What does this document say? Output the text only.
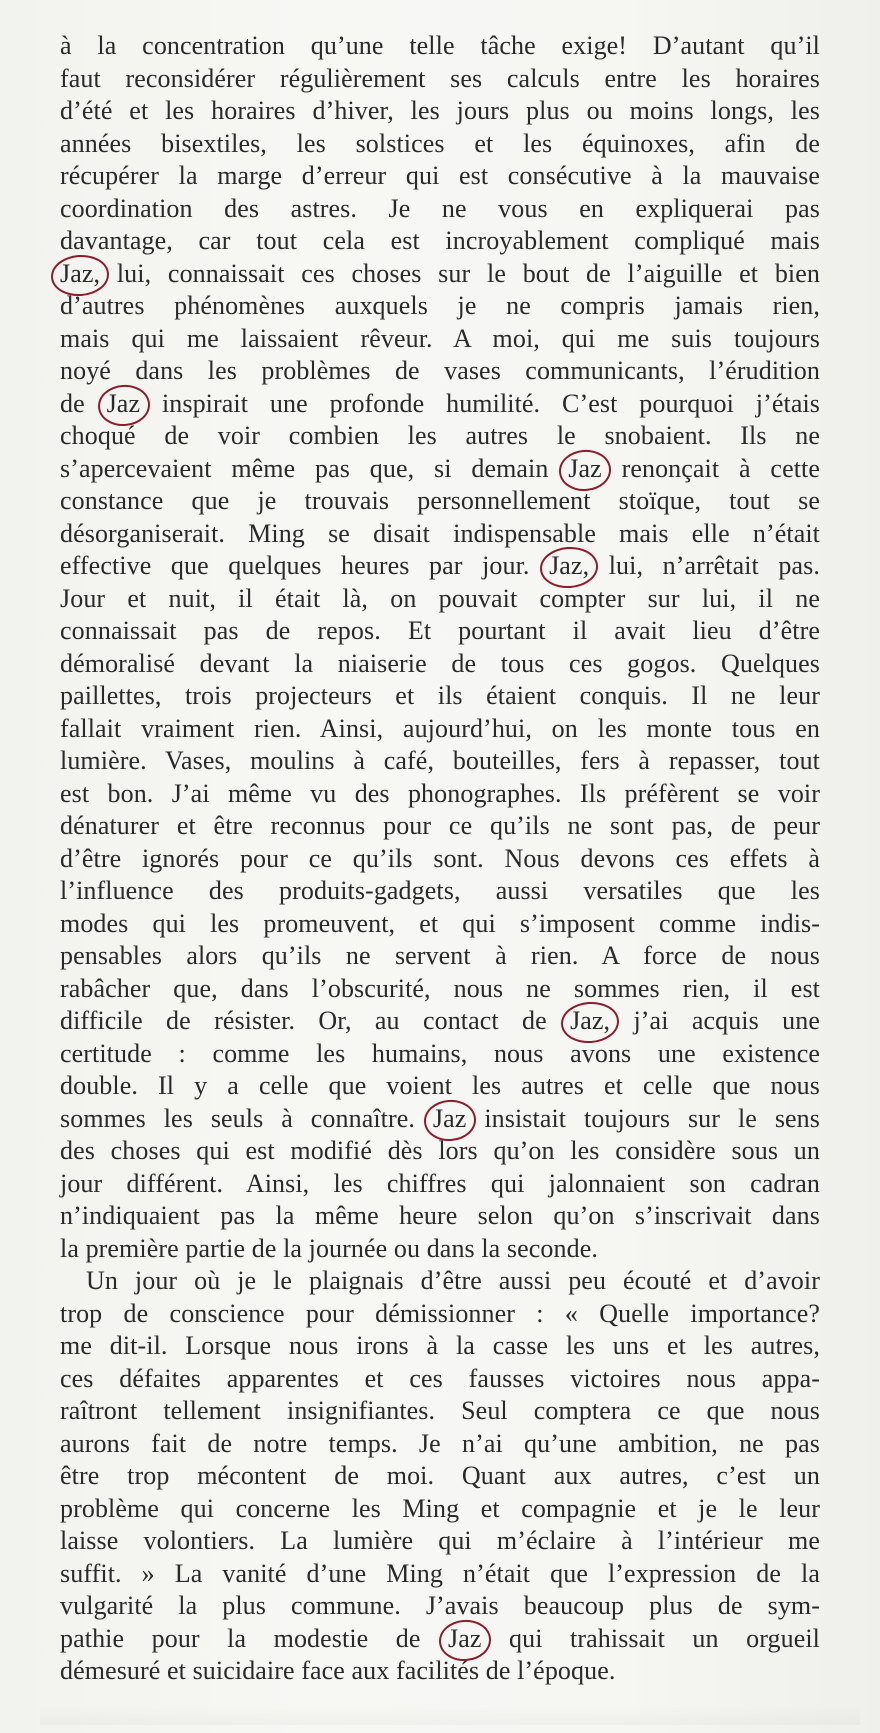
à la concentration qu’une telle tâche exige! D’autant qu’il
faut reconsidérer régulièrement ses calculs entre les horaires
d’été et les horaires d’hiver, les jours plus ou moins longs, les
années bisextiles, les solstices et les équinoxes, afin de
récupérer la marge d’erreur qui est consécutive à la mauvaise
coordination des astres. Je ne vous en expliquerai pas
davantage, car tout cela est incroyablement compliqué mais
Jaz, lui, connaissait ces choses sur le bout de l’aiguille et bien
d’autres phénomènes auxquels je ne compris jamais rien,
mais qui me laissaient rêveur. A moi, qui me suis toujours
noyé dans les problèmes de vases communicants, l’érudition
de Jaz inspirait une profonde humilité. C’est pourquoi j’étais
choqué de voir combien les autres le snobaient. Ils ne
s’apercevaient même pas que, si demain Jaz renonçait à cette
constance que je trouvais personnellement stoïque, tout se
désorganiserait. Ming se disait indispensable mais elle n’était
effective que quelques heures par jour. Jaz, lui, n’arrêtait pas.
Jour et nuit, il était là, on pouvait compter sur lui, il ne
connaissait pas de repos. Et pourtant il avait lieu d’être
démoralisé devant la niaiserie de tous ces gogos. Quelques
paillettes, trois projecteurs et ils étaient conquis. Il ne leur
fallait vraiment rien. Ainsi, aujourd’hui, on les monte tous en
lumière. Vases, moulins à café, bouteilles, fers à repasser, tout
est bon. J’ai même vu des phonographes. Ils préfèrent se voir
dénaturer et être reconnus pour ce qu’ils ne sont pas, de peur
d’être ignorés pour ce qu’ils sont. Nous devons ces effets à
l’influence des produits-gadgets, aussi versatiles que les
modes qui les promeuvent, et qui s’imposent comme indis-
pensables alors qu’ils ne servent à rien. A force de nous
rabâcher que, dans l’obscurité, nous ne sommes rien, il est
difficile de résister. Or, au contact de Jaz, j’ai acquis une
certitude : comme les humains, nous avons une existence
double. Il y a celle que voient les autres et celle que nous
sommes les seuls à connaître. Jaz insistait toujours sur le sens
des choses qui est modifié dès lors qu’on les considère sous un
jour différent. Ainsi, les chiffres qui jalonnaient son cadran
n’indiquaient pas la même heure selon qu’on s’inscrivait dans
la première partie de la journée ou dans la seconde.
Un jour où je le plaignais d’être aussi peu écouté et d’avoir
trop de conscience pour démissionner : « Quelle importance?
me dit-il. Lorsque nous irons à la casse les uns et les autres,
ces défaites apparentes et ces fausses victoires nous appa-
raîtront tellement insignifiantes. Seul comptera ce que nous
aurons fait de notre temps. Je n’ai qu’une ambition, ne pas
être trop mécontent de moi. Quant aux autres, c’est un
problème qui concerne les Ming et compagnie et je le leur
laisse volontiers. La lumière qui m’éclaire à l’intérieur me
suffit. » La vanité d’une Ming n’était que l’expression de la
vulgarité la plus commune. J’avais beaucoup plus de sym-
pathie pour la modestie de Jaz qui trahissait un orgueil
démesuré et suicidaire face aux facilités de l’époque.
